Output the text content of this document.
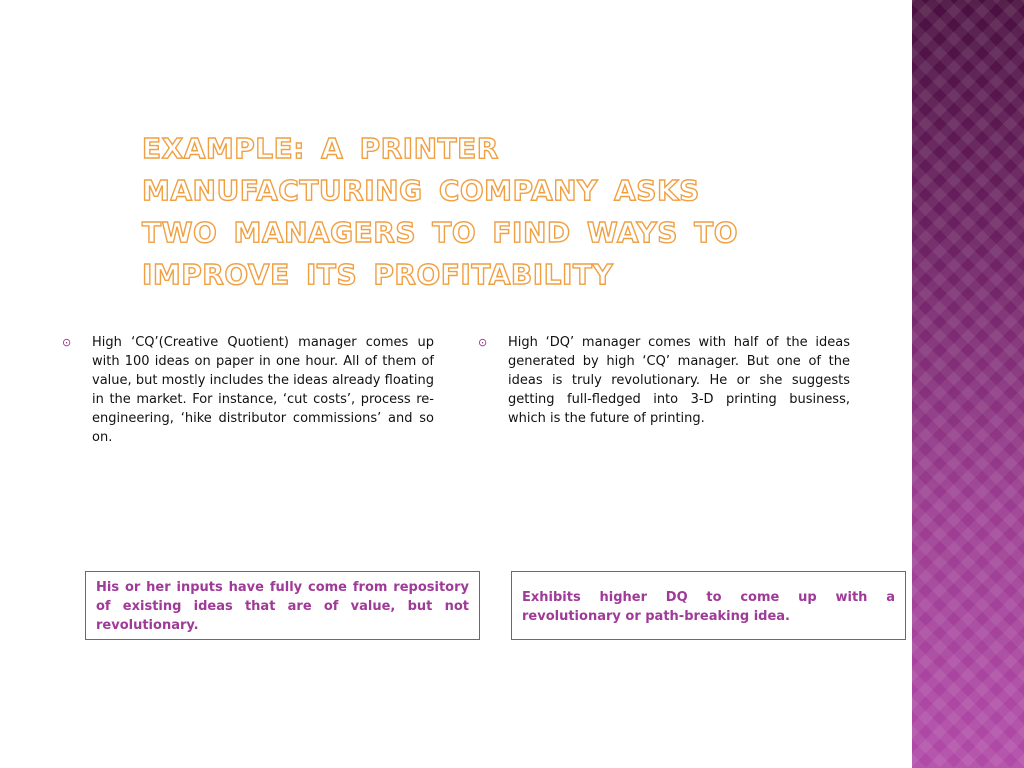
EXAMPLE: A PRINTER MANUFACTURING COMPANY ASKS TWO MANAGERS TO FIND WAYS TO IMPROVE ITS PROFITABILITY
⊙	High ‘CQ’(Creative Quotient) manager comes up with 100 ideas on paper in one hour. All of them of value, but mostly includes the ideas already floating in the market. For instance, ‘cut costs’, process re-engineering, ‘hike distributor commissions’ and so on.
⊙	High ‘DQ’ manager comes with half of the ideas generated by high ‘CQ’ manager. But one of the ideas is truly revolutionary. He or she suggests getting full-fledged into 3-D printing business, which is the future of printing.
His or her inputs have fully come from repository of existing ideas that are of value, but not revolutionary.
Exhibits higher DQ to come up with a revolutionary or path-breaking idea.
